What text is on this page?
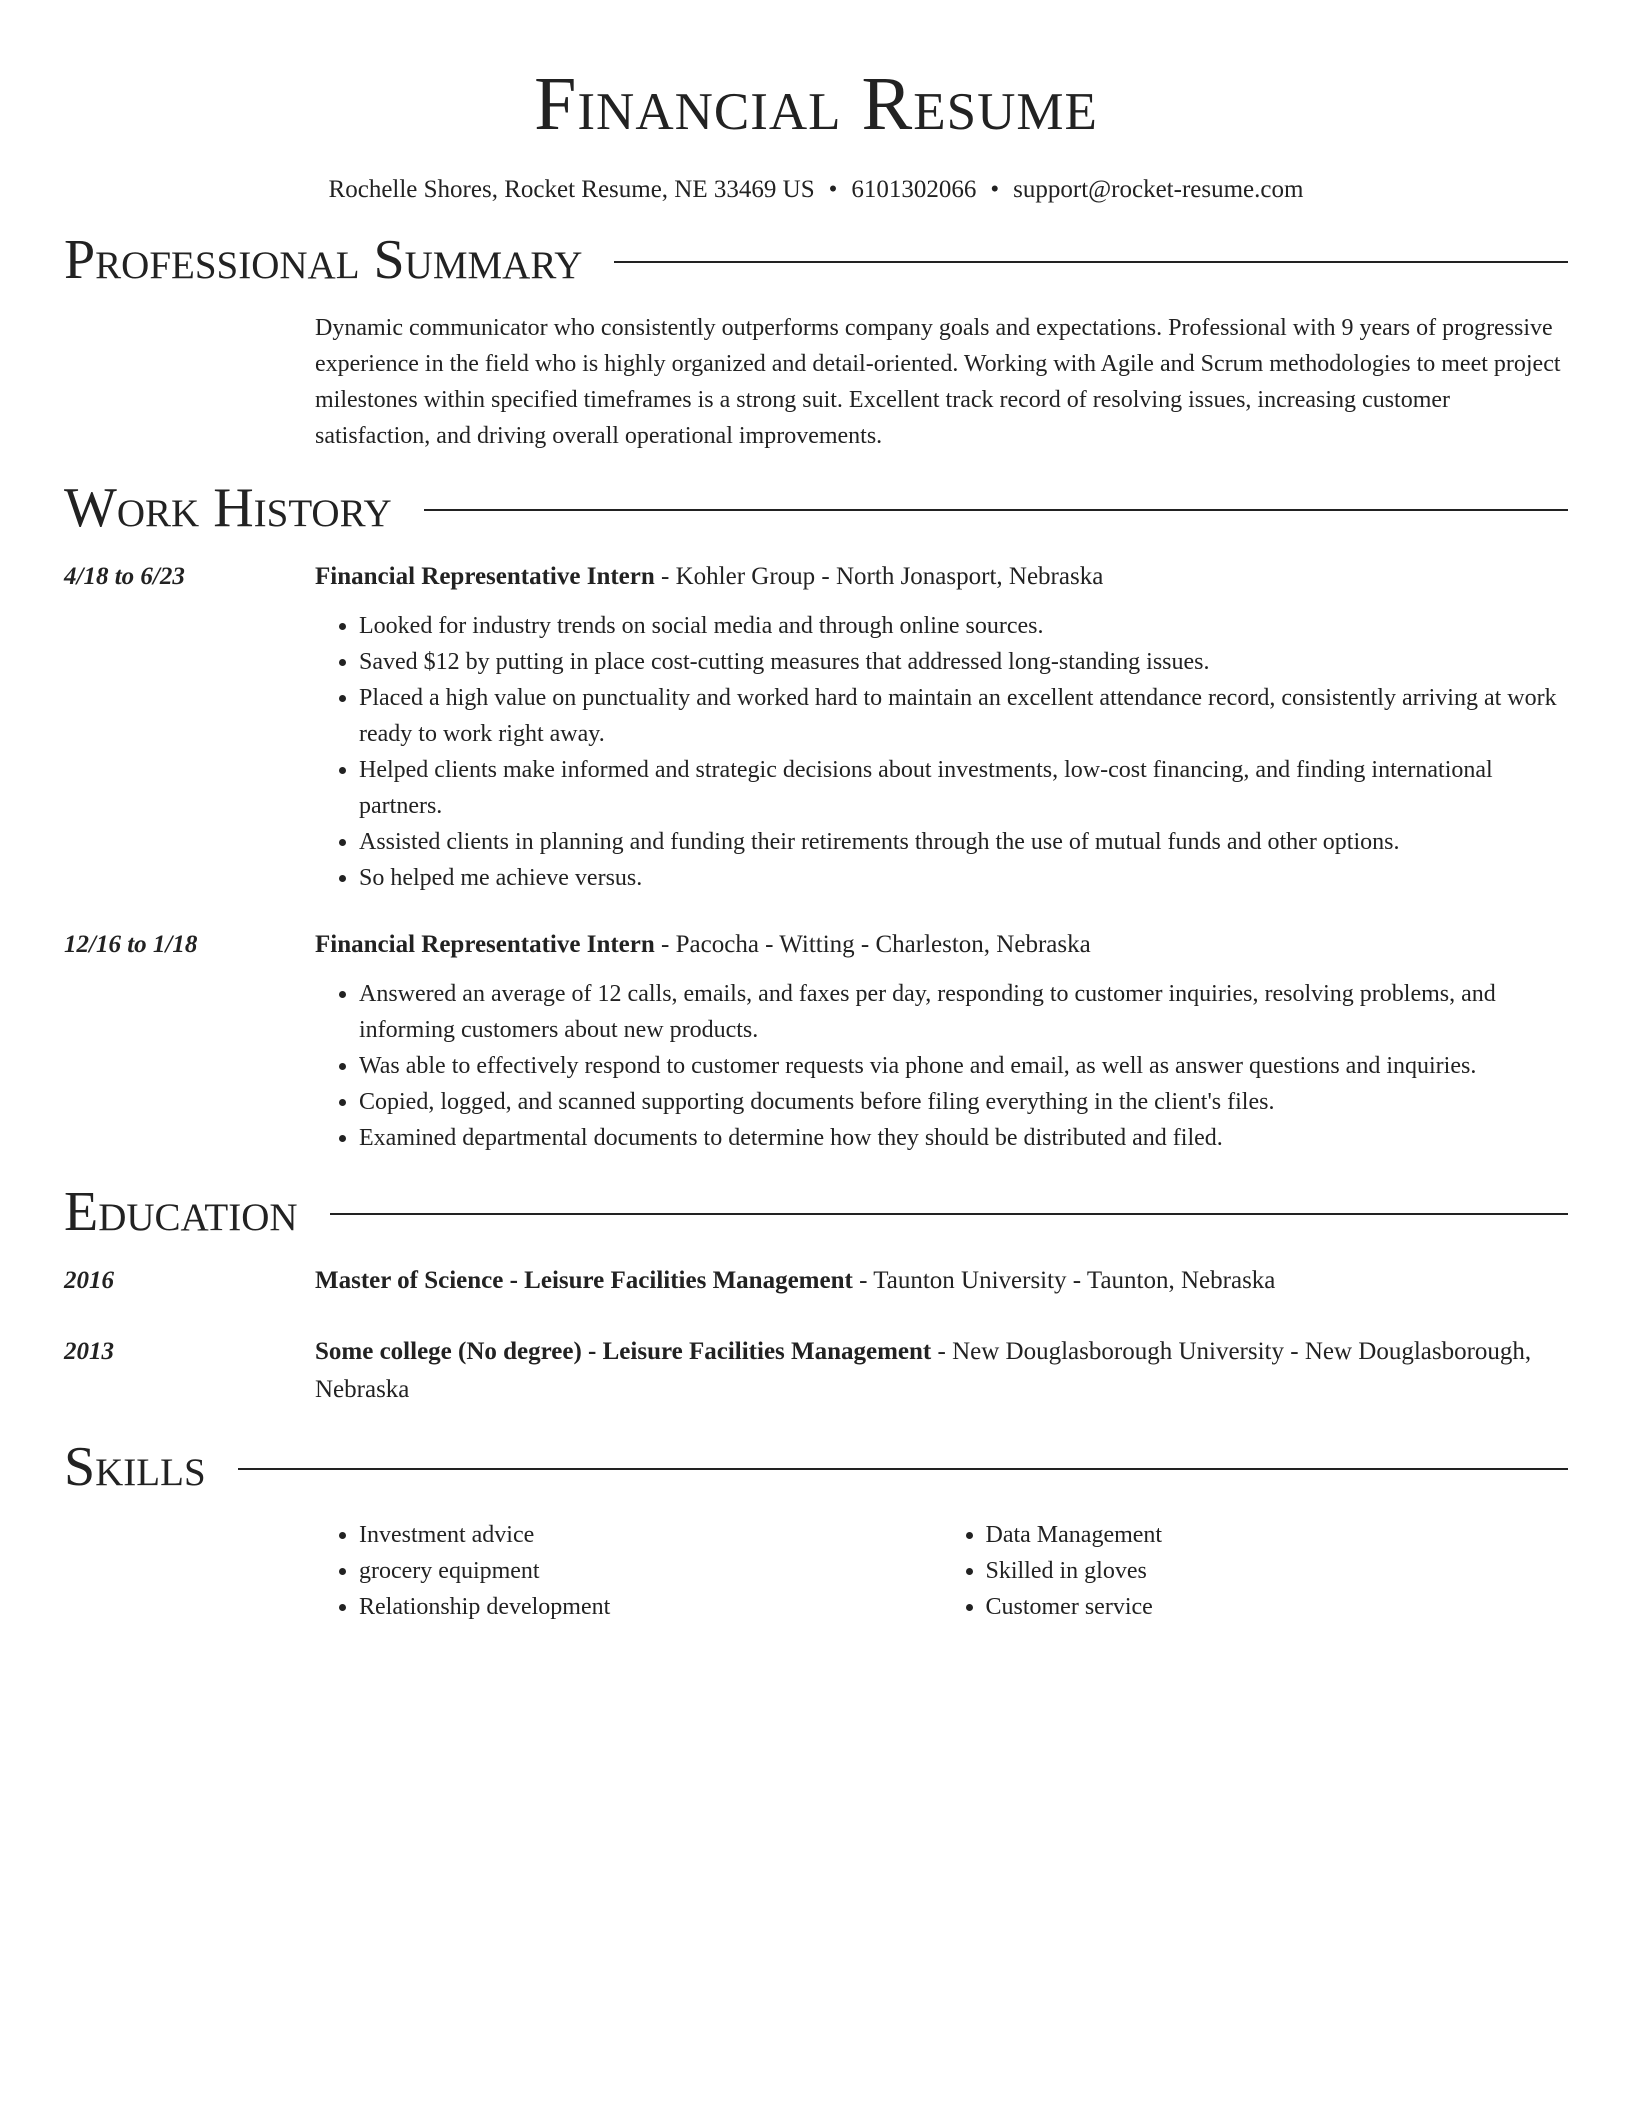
Financial Resume
Rochelle Shores, Rocket Resume, NE 33469 US • 6101302066 • support@rocket-resume.com
Professional Summary

Dynamic communicator who consistently outperforms company goals and expectations. Professional with 9 years of progressive experience in the field who is highly organized and detail-oriented. Working with Agile and Scrum methodologies to meet project milestones within specified timeframes is a strong suit. Excellent track record of resolving issues, increasing customer satisfaction, and driving overall operational improvements.

Work History
4/18 to 6/23	Financial Representative Intern - Kohler Group - North Jonasport, Nebraska
• Looked for industry trends on social media and through online sources.
• Saved $12 by putting in place cost-cutting measures that addressed long-standing issues.
• Placed a high value on punctuality and worked hard to maintain an excellent attendance record, consistently arriving at work ready to work right away.
• Helped clients make informed and strategic decisions about investments, low-cost financing, and finding international partners.
• Assisted clients in planning and funding their retirements through the use of mutual funds and other options.
• So helped me achieve versus.
12/16 to 1/18	Financial Representative Intern - Pacocha - Witting - Charleston, Nebraska
• Answered an average of 12 calls, emails, and faxes per day, responding to customer inquiries, resolving problems, and informing customers about new products.
• Was able to effectively respond to customer requests via phone and email, as well as answer questions and inquiries.
• Copied, logged, and scanned supporting documents before filing everything in the client's files.
• Examined departmental documents to determine how they should be distributed and filed.
Education
2016	Master of Science - Leisure Facilities Management - Taunton University - Taunton, Nebraska
2013	Some college (No degree) - Leisure Facilities Management - New Douglasborough University - New Douglasborough, Nebraska
Skills
• Investment advice
• grocery equipment
• Relationship development
• Data Management
• Skilled in gloves
• Customer service
